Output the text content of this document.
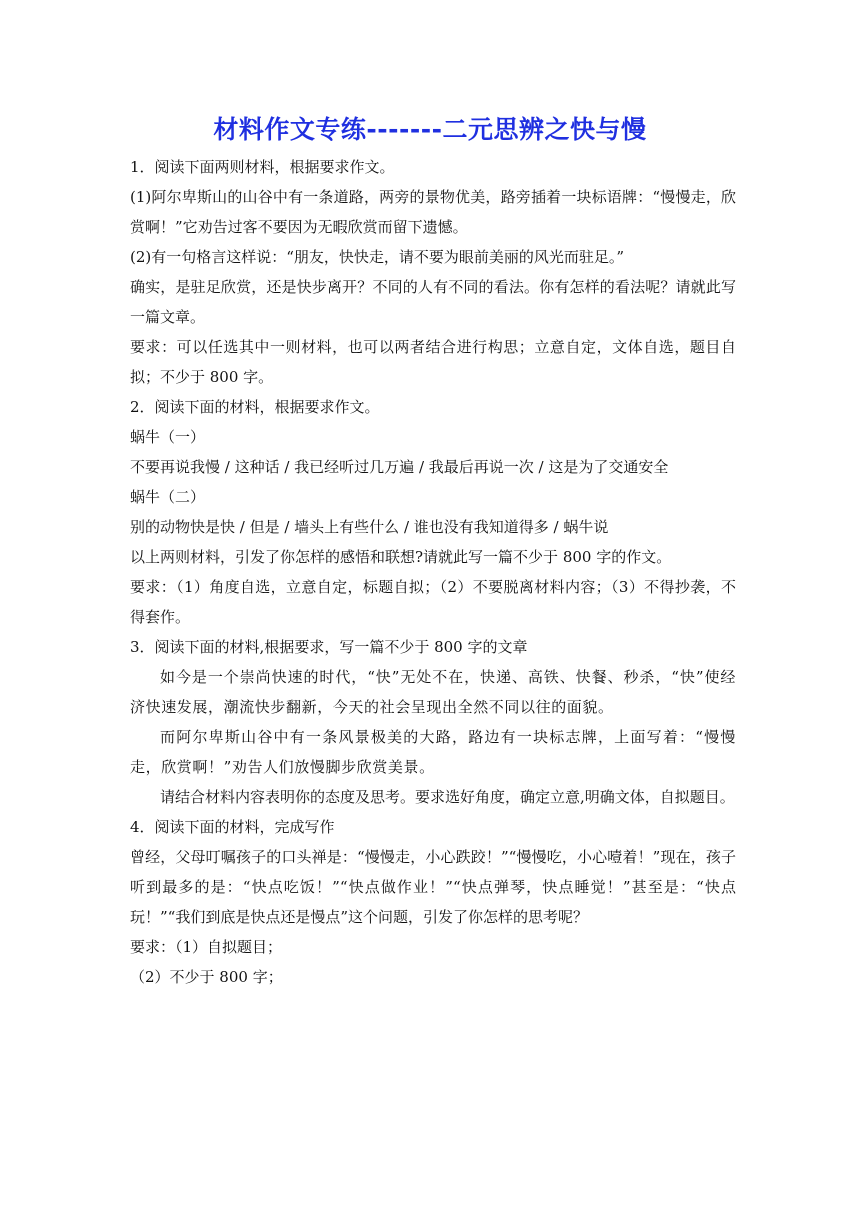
材料作文专练-------二元思辨之快与慢

1．阅读下面两则材料，根据要求作文。

(1)阿尔卑斯山的山谷中有一条道路，两旁的景物优美，路旁插着一块标语牌：“慢慢走，欣赏啊！”它劝告过客不要因为无暇欣赏而留下遗憾。

(2)有一句格言这样说：“朋友，快快走，请不要为眼前美丽的风光而驻足。”

确实，是驻足欣赏，还是快步离开？不同的人有不同的看法。你有怎样的看法呢？请就此写一篇文章。

要求：可以任选其中一则材料，也可以两者结合进行构思；立意自定，文体自选，题目自拟；不少于 800 字。

2．阅读下面的材料，根据要求作文。

蜗牛（一）

不要再说我慢 / 这种话 / 我已经听过几万遍 / 我最后再说一次 / 这是为了交通安全

蜗牛（二）

别的动物快是快 / 但是 / 墙头上有些什么 / 谁也没有我知道得多 / 蜗牛说

以上两则材料，引发了你怎样的感悟和联想?请就此写一篇不少于 800 字的作文。

要求：（1）角度自选，立意自定，标题自拟；（2）不要脱离材料内容；（3）不得抄袭，不得套作。

3．阅读下面的材料,根据要求，写一篇不少于 800 字的文章

如今是一个崇尚快速的时代，“快”无处不在，快递、高铁、快餐、秒杀，“快”使经济快速发展，潮流快步翻新，今天的社会呈现出全然不同以往的面貌。

而阿尔卑斯山谷中有一条风景极美的大路，路边有一块标志牌，上面写着：“慢慢走，欣赏啊！”劝告人们放慢脚步欣赏美景。

请结合材料内容表明你的态度及思考。要求选好角度，确定立意,明确文体，自拟题目。

4．阅读下面的材料，完成写作

曾经，父母叮嘱孩子的口头禅是：“慢慢走，小心跌跤！”“慢慢吃，小心噎着！”现在，孩子听到最多的是：“快点吃饭！”“快点做作业！”“快点弹琴，快点睡觉！”甚至是：“快点玩！”“我们到底是快点还是慢点”这个问题，引发了你怎样的思考呢？

要求：（1）自拟题目；

（2）不少于 800 字；
